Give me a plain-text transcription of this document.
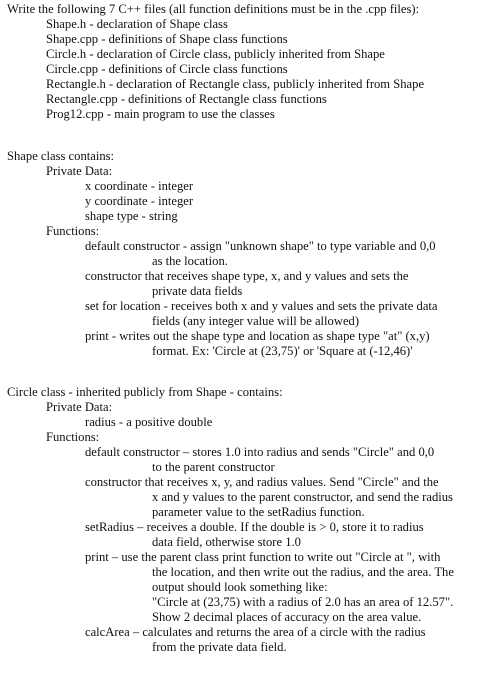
Write the following 7 C++ files (all function definitions must be in the .cpp files):

Shape.h - declaration of Shape class

Shape.cpp - definitions of Shape class functions

Circle.h - declaration of Circle class, publicly inherited from Shape

Circle.cpp - definitions of Circle class functions

Rectangle.h - declaration of Rectangle class, publicly inherited from Shape

Rectangle.cpp - definitions of Rectangle class functions

Prog12.cpp - main program to use the classes

Shape class contains:

Private Data:

x coordinate - integer

y coordinate - integer

shape type - string

Functions:

default constructor - assign "unknown shape" to type variable and 0,0

as the location.

constructor that receives shape type, x, and y values and sets the

private data fields

set for location - receives both x and y values and sets the private data

fields (any integer value will be allowed)

print - writes out the shape type and location as shape type "at" (x,y)

format. Ex: 'Circle at (23,75)' or 'Square at (-12,46)'

Circle class - inherited publicly from Shape - contains:

Private Data:

radius - a positive double

Functions:

default constructor – stores 1.0 into radius and sends "Circle" and 0,0

to the parent constructor

constructor that receives x, y, and radius values. Send "Circle" and the

x and y values to the parent constructor, and send the radius

parameter value to the setRadius function.

setRadius – receives a double. If the double is > 0, store it to radius

data field, otherwise store 1.0

print – use the parent class print function to write out "Circle at ", with

the location, and then write out the radius, and the area. The

output should look something like:

"Circle at (23,75) with a radius of 2.0 has an area of 12.57".

Show 2 decimal places of accuracy on the area value.

calcArea – calculates and returns the area of a circle with the radius

from the private data field.
